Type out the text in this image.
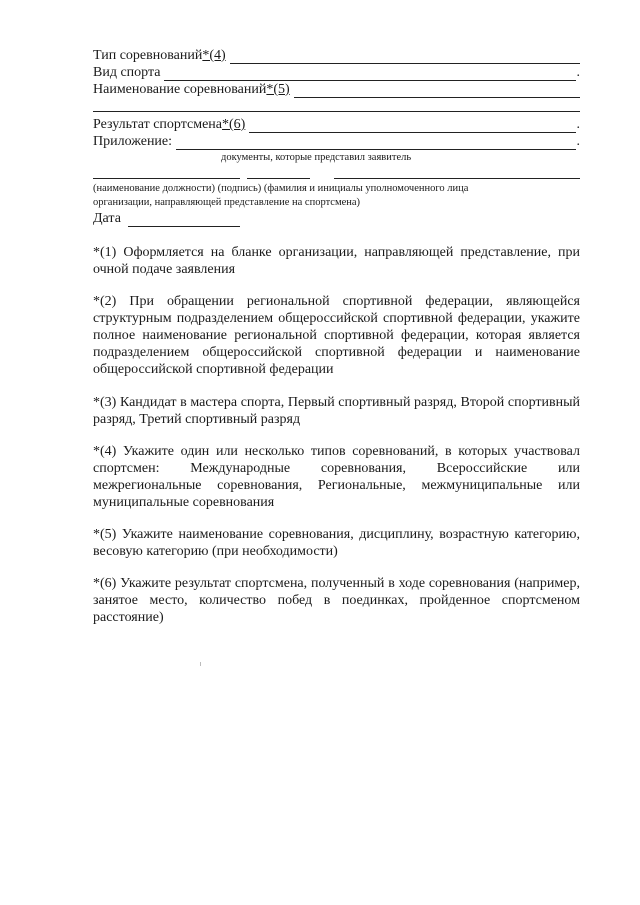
Тип соревнований*(4)
Вид спорта	.
Наименование соревнований*(5)
Результат спортсмена*(6)	.
Приложение:	.
документы, которые представил заявитель
(наименование должности) (подпись) (фамилия и инициалы уполномоченного лица
организации, направляющей представление на спортсмена)
Дата

*(1) Оформляется на бланке организации, направляющей представление, при очной подаче заявления

*(2) При обращении региональной спортивной федерации, являющейся структурным подразделением общероссийской спортивной федерации, укажите полное наименование региональной спортивной федерации, которая является подразделением общероссийской спортивной федерации и наименование общероссийской спортивной федерации

*(3) Кандидат в мастера спорта, Первый спортивный разряд, Второй спортивный разряд, Третий спортивный разряд

*(4) Укажите один или несколько типов соревнований, в которых участвовал спортсмен: Международные соревнования, Всероссийские или межрегиональные соревнования, Региональные, межмуниципальные или муниципальные соревнования

*(5) Укажите наименование соревнования, дисциплину, возрастную категорию, весовую категорию (при необходимости)

*(6) Укажите результат спортсмена, полученный в ходе соревнования (например, занятое место, количество побед в поединках, пройденное спортсменом расстояние)
